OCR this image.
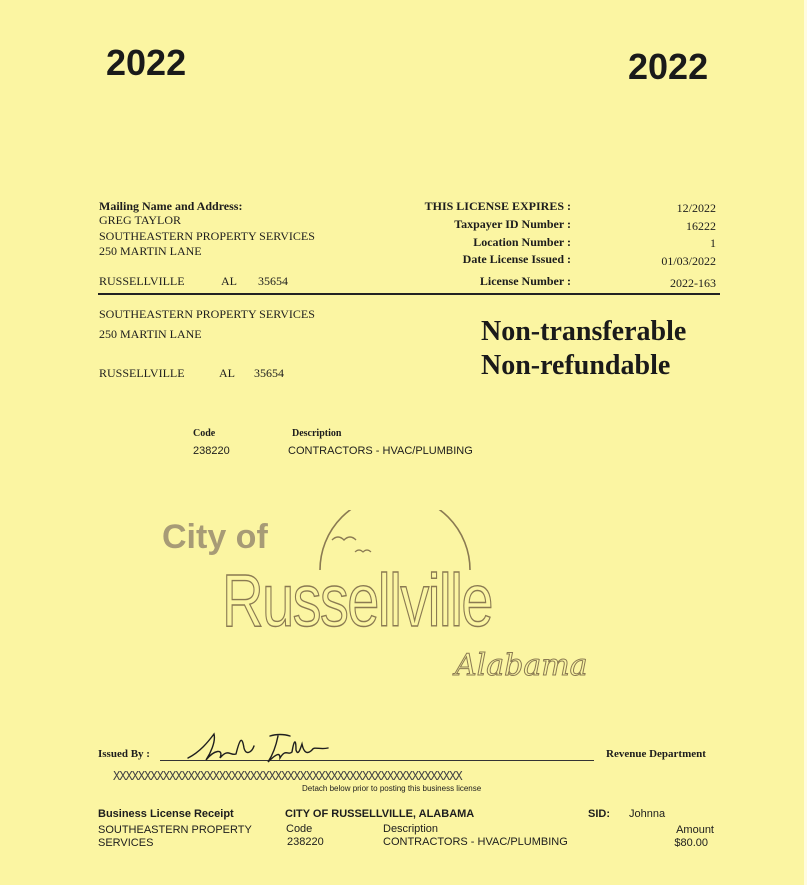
2022	2022
Mailing Name and Address:
GREG TAYLOR
SOUTHEASTERN PROPERTY SERVICES
250 MARTIN LANE
RUSSELLVILLE	AL 35654
THIS LICENSE EXPIRES :	12/2022
Taxpayer ID Number :	16222
Location Number :	1
Date License Issued :	01/03/2022
License Number :	2022-163
SOUTHEASTERN PROPERTY SERVICES
250 MARTIN LANE
RUSSELLVILLE	AL 35654
Non-transferable
Non-refundable
Code	Description
238220	CONTRACTORS - HVAC/PLUMBING
City of
Russellville
Alabama
Issued By :	Revenue Department
XXXXXXXXXXXXXXXXXXXXXXXXXXXXXXXXXXXXXXXXXXXXXXXXXXXXXXXX
Detach below prior to posting this business license
Business License Receipt	CITY OF RUSSELLVILLE, ALABAMA	SID: Johnna
SOUTHEASTERN PROPERTY
SERVICES
Code	Description	Amount
238220	CONTRACTORS - HVAC/PLUMBING	$80.00
